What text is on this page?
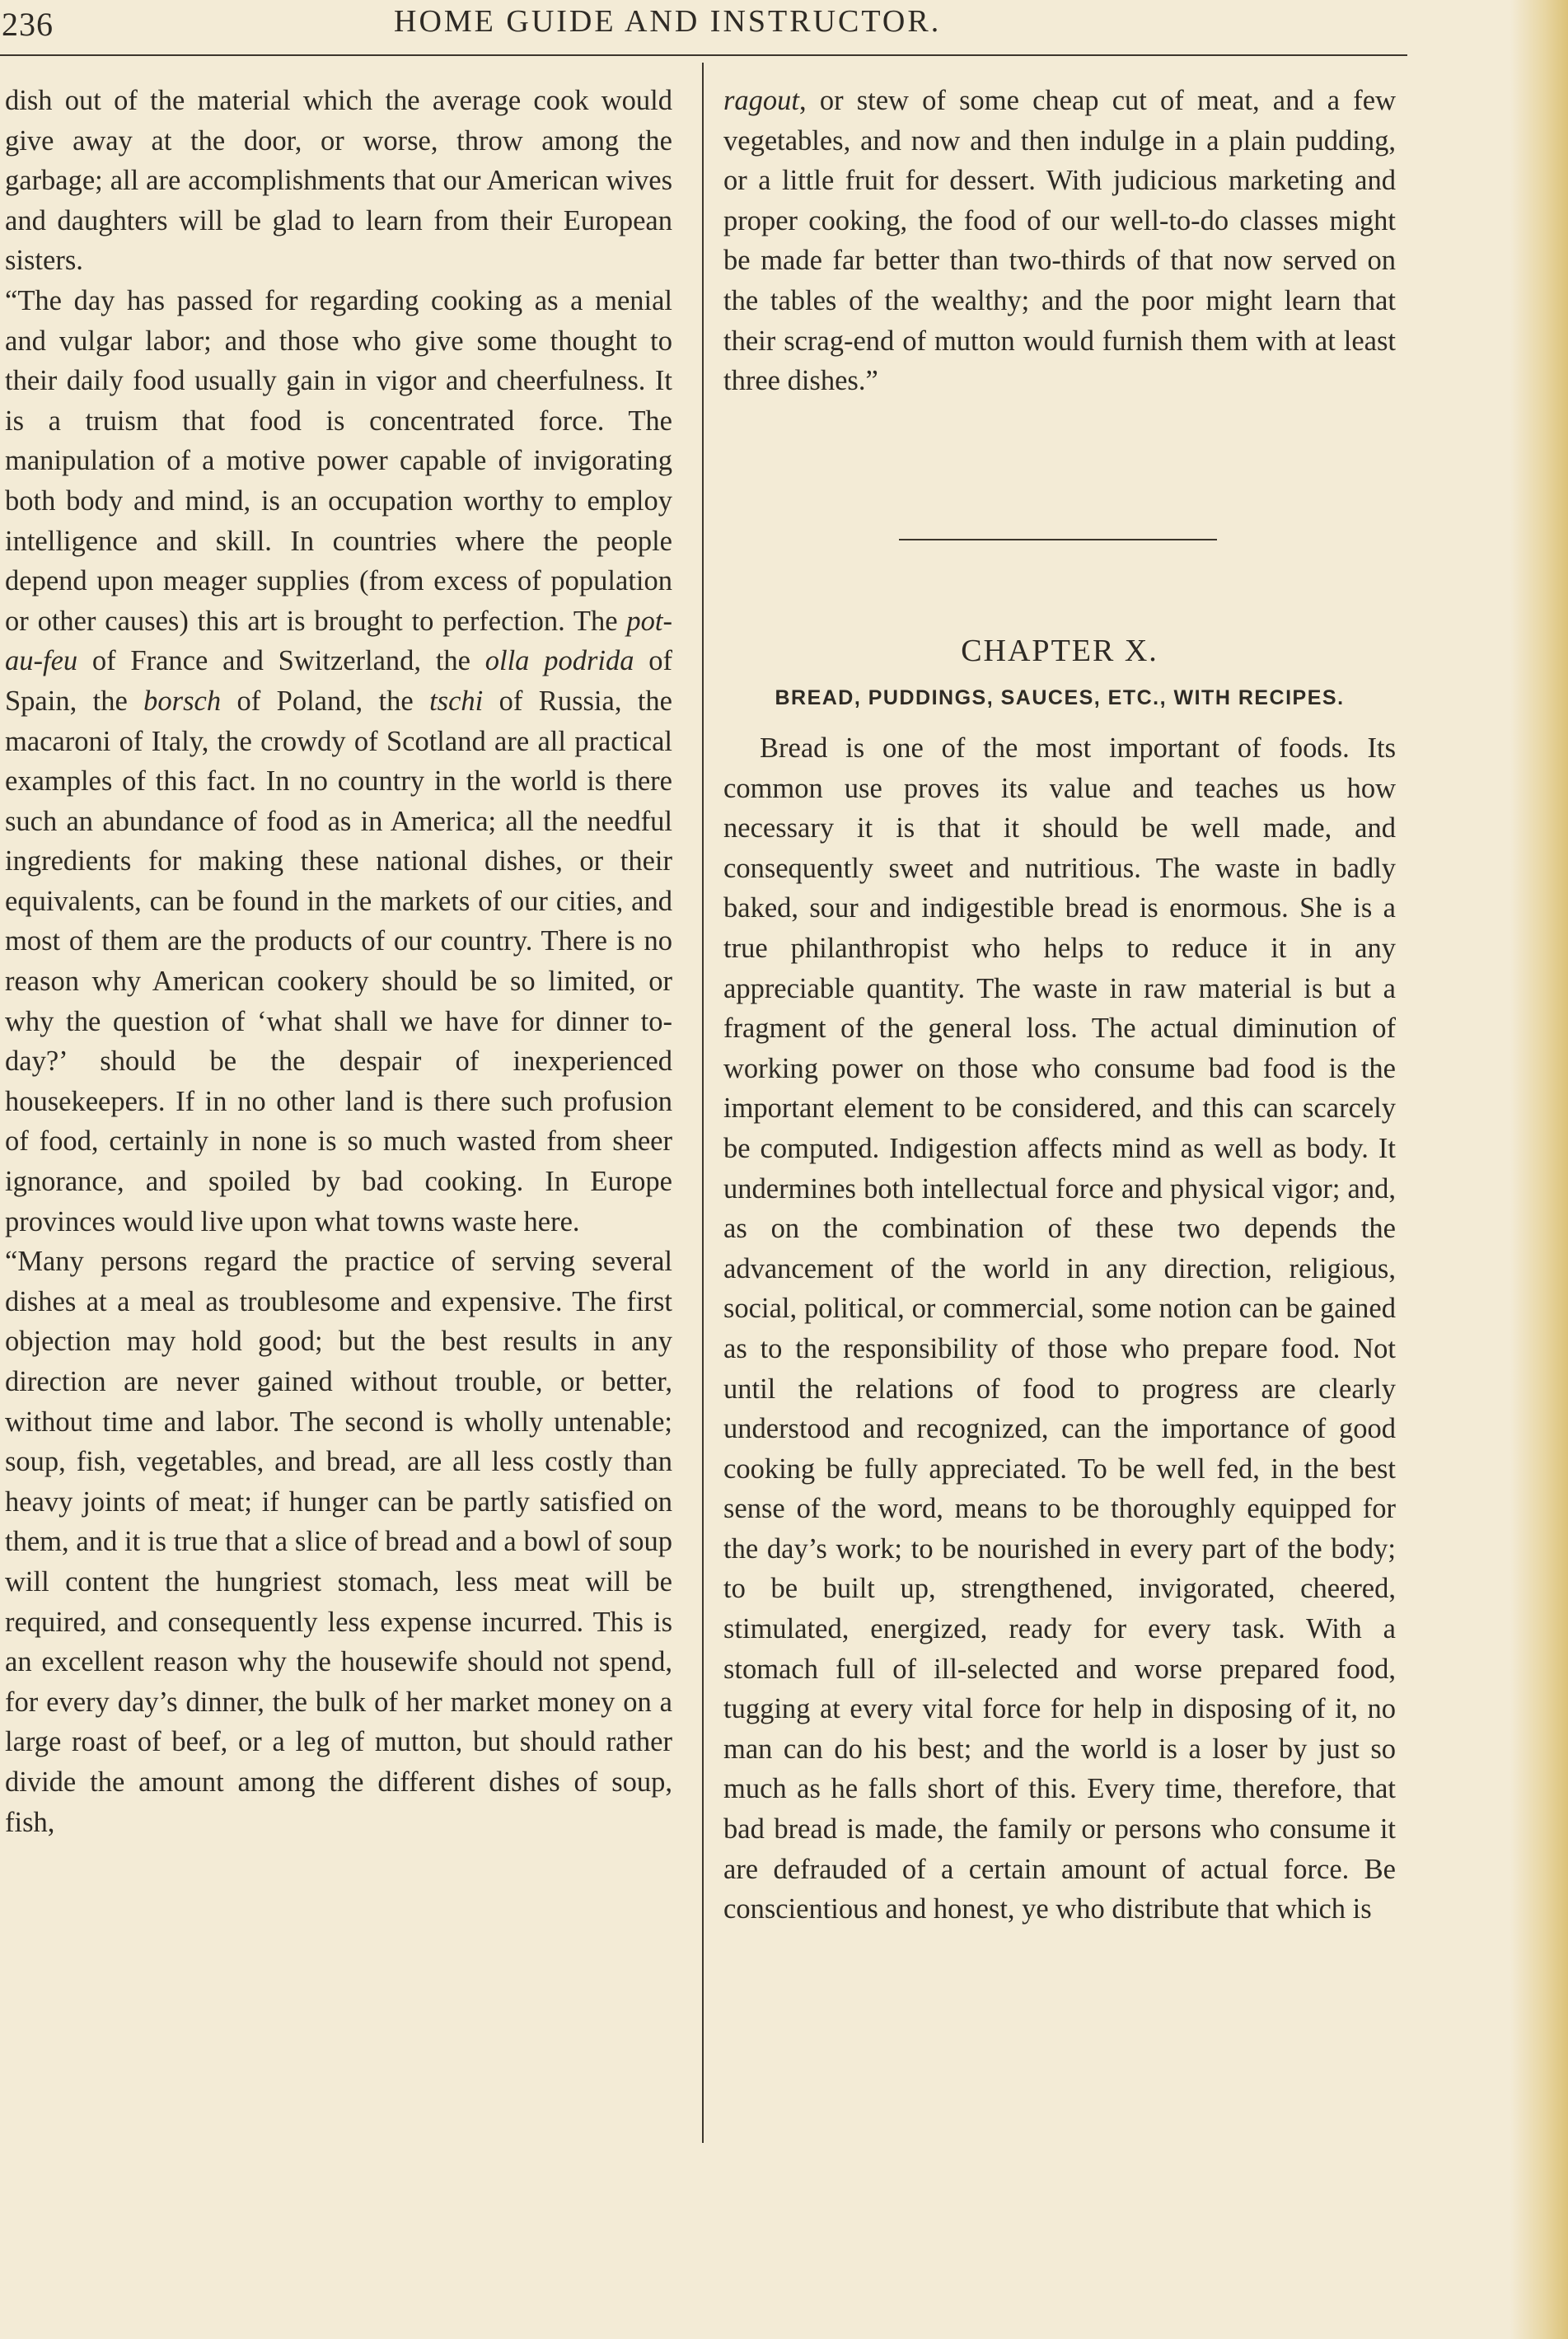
236	HOME GUIDE AND INSTRUCTOR.

dish out of the material which the average cook would give away at the door, or worse, throw among the garbage; all are accomplishments that our American wives and daughters will be glad to learn from their European sisters.

“The day has passed for regarding cooking as a menial and vulgar labor; and those who give some thought to their daily food usually gain in vigor and cheerfulness. It is a truism that food is concentrated force. The manipulation of a motive power capable of invigorating both body and mind, is an occupation worthy to employ intelligence and skill. In countries where the people depend upon meager supplies (from excess of population or other causes) this art is brought to perfection. The pot-au-feu of France and Switzerland, the olla podrida of Spain, the borsch of Poland, the tschi of Russia, the macaroni of Italy, the crowdy of Scotland are all practical examples of this fact. In no country in the world is there such an abundance of food as in America; all the needful ingredients for making these national dishes, or their equivalents, can be found in the markets of our cities, and most of them are the products of our country. There is no reason why American cookery should be so limited, or why the question of ‘what shall we have for dinner to-day?’ should be the despair of inexperienced housekeepers. If in no other land is there such profusion of food, certainly in none is so much wasted from sheer ignorance, and spoiled by bad cooking. In Europe provinces would live upon what towns waste here.

“Many persons regard the practice of serving several dishes at a meal as troublesome and expensive. The first objection may hold good; but the best results in any direction are never gained without trouble, or better, without time and labor. The second is wholly untenable; soup, fish, vegetables, and bread, are all less costly than heavy joints of meat; if hunger can be partly satisfied on them, and it is true that a slice of bread and a bowl of soup will content the hungriest stomach, less meat will be required, and consequently less expense incurred. This is an excellent reason why the housewife should not spend, for every day’s dinner, the bulk of her market money on a large roast of beef, or a leg of mutton, but should rather divide the amount among the different dishes of soup, fish,

ragout, or stew of some cheap cut of meat, and a few vegetables, and now and then indulge in a plain pudding, or a little fruit for dessert. With judicious marketing and proper cooking, the food of our well-to-do classes might be made far better than two-thirds of that now served on the tables of the wealthy; and the poor might learn that their scrag-end of mutton would furnish them with at least three dishes.”

CHAPTER X.
BREAD, PUDDINGS, SAUCES, ETC., WITH RECIPES.

Bread is one of the most important of foods. Its common use proves its value and teaches us how necessary it is that it should be well made, and consequently sweet and nutritious. The waste in badly baked, sour and indigestible bread is enormous. She is a true philanthropist who helps to reduce it in any appreciable quantity. The waste in raw material is but a fragment of the general loss. The actual diminution of working power on those who consume bad food is the important element to be considered, and this can scarcely be computed. Indigestion affects mind as well as body. It undermines both intellectual force and physical vigor; and, as on the combination of these two depends the advancement of the world in any direction, religious, social, political, or commercial, some notion can be gained as to the responsibility of those who prepare food. Not until the relations of food to progress are clearly understood and recognized, can the importance of good cooking be fully appreciated. To be well fed, in the best sense of the word, means to be thoroughly equipped for the day’s work; to be nourished in every part of the body; to be built up, strengthened, invigorated, cheered, stimulated, energized, ready for every task. With a stomach full of ill-selected and worse prepared food, tugging at every vital force for help in disposing of it, no man can do his best; and the world is a loser by just so much as he falls short of this. Every time, therefore, that bad bread is made, the family or persons who consume it are defrauded of a certain amount of actual force. Be conscientious and honest, ye who distribute that which is
